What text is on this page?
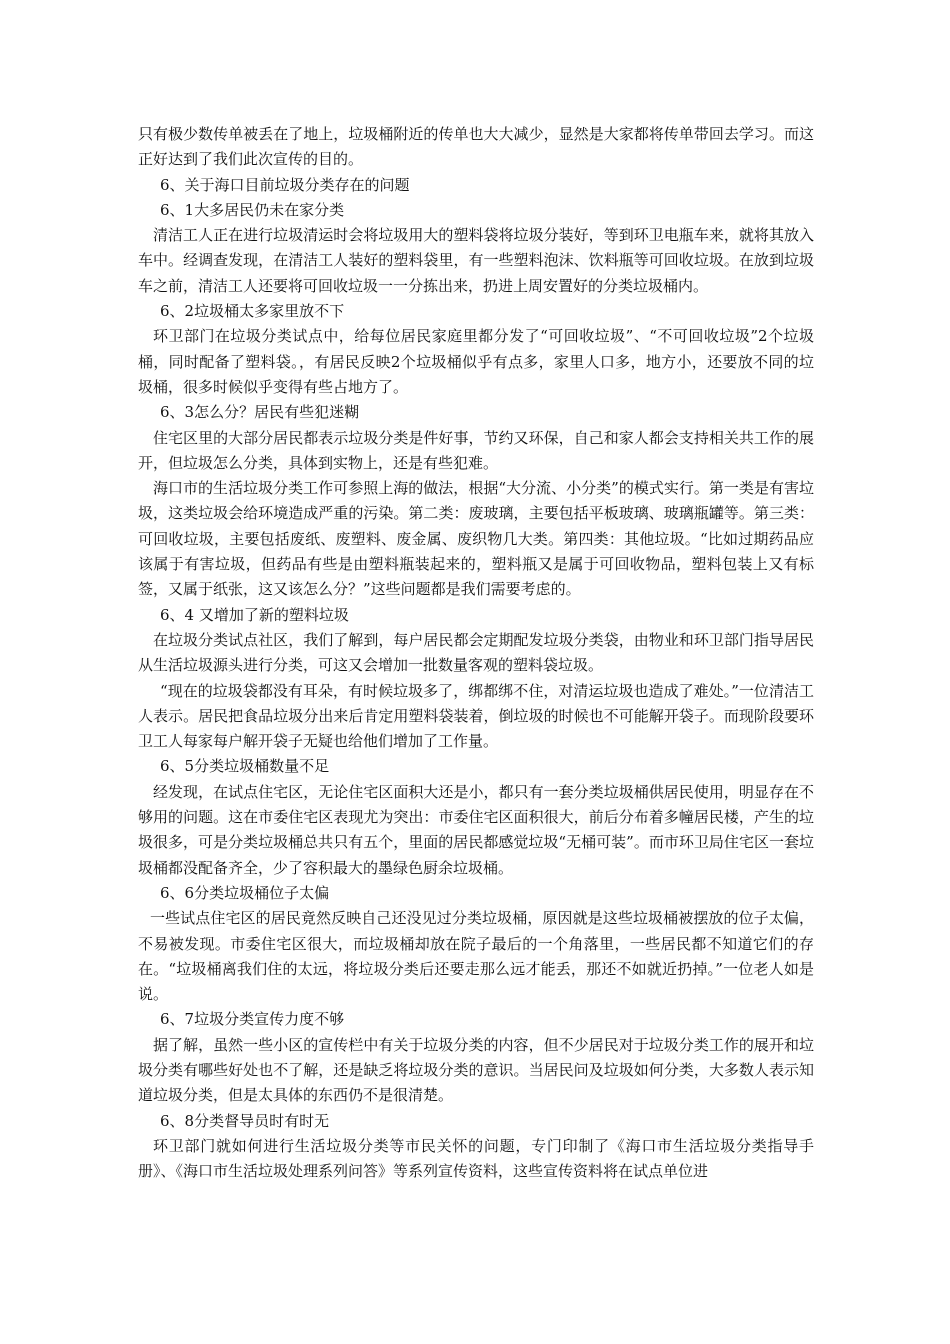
只有极少数传单被丢在了地上，垃圾桶附近的传单也大大减少，显然是大家都将传单带回去学习。而这正好达到了我们此次宣传的目的。

6、关于海口目前垃圾分类存在的问题

6、1大多居民仍未在家分类

清洁工人正在进行垃圾清运时会将垃圾用大的塑料袋将垃圾分装好，等到环卫电瓶车来，就将其放入车中。经调查发现，在清洁工人装好的塑料袋里，有一些塑料泡沫、饮料瓶等可回收垃圾。在放到垃圾车之前，清洁工人还要将可回收垃圾一一分拣出来，扔进上周安置好的分类垃圾桶内。

6、2垃圾桶太多家里放不下

环卫部门在垃圾分类试点中，给每位居民家庭里都分发了“可回收垃圾”、“不可回收垃圾”2个垃圾桶，同时配备了塑料袋。，有居民反映2个垃圾桶似乎有点多，家里人口多，地方小，还要放不同的垃圾桶，很多时候似乎变得有些占地方了。

6、3怎么分？居民有些犯迷糊

住宅区里的大部分居民都表示垃圾分类是件好事，节约又环保，自己和家人都会支持相关共工作的展开，但垃圾怎么分类，具体到实物上，还是有些犯难。

海口市的生活垃圾分类工作可参照上海的做法，根据“大分流、小分类”的模式实行。第一类是有害垃圾，这类垃圾会给环境造成严重的污染。第二类：废玻璃，主要包括平板玻璃、玻璃瓶罐等。第三类：可回收垃圾，主要包括废纸、废塑料、废金属、废织物几大类。第四类：其他垃圾。“比如过期药品应该属于有害垃圾，但药品有些是由塑料瓶装起来的，塑料瓶又是属于可回收物品，塑料包装上又有标签，又属于纸张，这又该怎么分？”这些问题都是我们需要考虑的。

6、4 又增加了新的塑料垃圾

在垃圾分类试点社区，我们了解到，每户居民都会定期配发垃圾分类袋，由物业和环卫部门指导居民从生活垃圾源头进行分类，可这又会增加一批数量客观的塑料袋垃圾。

“现在的垃圾袋都没有耳朵，有时候垃圾多了，绑都绑不住，对清运垃圾也造成了难处。”一位清洁工人表示。居民把食品垃圾分出来后肯定用塑料袋装着，倒垃圾的时候也不可能解开袋子。而现阶段要环卫工人每家每户解开袋子无疑也给他们增加了工作量。

6、5分类垃圾桶数量不足

经发现，在试点住宅区，无论住宅区面积大还是小，都只有一套分类垃圾桶供居民使用，明显存在不够用的问题。这在市委住宅区表现尤为突出：市委住宅区面积很大，前后分布着多幢居民楼，产生的垃圾很多，可是分类垃圾桶总共只有五个，里面的居民都感觉垃圾“无桶可装”。而市环卫局住宅区一套垃圾桶都没配备齐全，少了容积最大的墨绿色厨余垃圾桶。

6、6分类垃圾桶位子太偏

一些试点住宅区的居民竟然反映自己还没见过分类垃圾桶，原因就是这些垃圾桶被摆放的位子太偏，不易被发现。市委住宅区很大，而垃圾桶却放在院子最后的一个角落里，一些居民都不知道它们的存在。“垃圾桶离我们住的太远，将垃圾分类后还要走那么远才能丢，那还不如就近扔掉。”一位老人如是说。

6、7垃圾分类宣传力度不够

据了解，虽然一些小区的宣传栏中有关于垃圾分类的内容，但不少居民对于垃圾分类工作的展开和垃圾分类有哪些好处也不了解，还是缺乏将垃圾分类的意识。当居民问及垃圾如何分类，大多数人表示知道垃圾分类，但是太具体的东西仍不是很清楚。

6、8分类督导员时有时无

环卫部门就如何进行生活垃圾分类等市民关怀的问题，专门印制了《海口市生活垃圾分类指导手册》、《海口市生活垃圾处理系列问答》等系列宣传资料，这些宣传资料将在试点单位进
